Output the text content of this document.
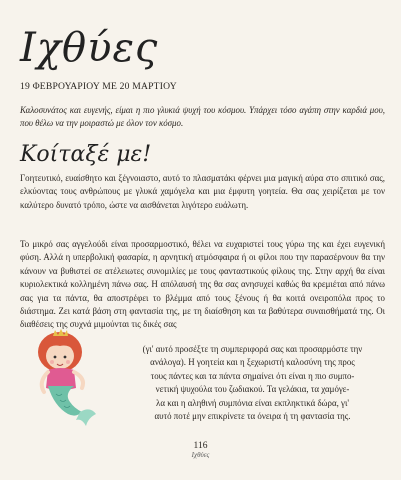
Ιχθύες

19 ΦΕΒΡΟΥΑΡΙΟΥ ΜΕ 20 ΜΑΡΤΙΟΥ

Καλοσυνάτος και ευγενής, είμαι η πιο γλυκιά ψυχή του κόσμου. Υπάρχει τόσο αγάπη στην καρδιά μου, που θέλω να την μοιραστώ με όλον τον κόσμο.

Κοίταξέ με!

Γοητευτικό, ευαίσθητο και ξέγνοιαστο, αυτό το πλασματάκι φέρνει μια μαγική αύρα στο σπιτικό σας, ελκύοντας τους ανθρώπους με γλυκά χαμόγελα και μια έμφυτη γοητεία. Θα σας χειρίζεται με τον καλύτερο δυνατό τρόπο, ώστε να αισθάνεται λιγότερο ευάλωτη.

Το μικρό σας αγγελούδι είναι προσαρμοστικό, θέλει να ευχαριστεί τους γύρω της και έχει ευγενική φύση. Αλλά η υπερβολική φασαρία, η αρνητική ατμόσφαιρα ή οι φίλοι που την παρασέρνουν θα την κάνουν να βυθιστεί σε ατέλειωτες συνομιλίες με τους φανταστικούς φίλους της. Στην αρχή θα είναι κυριολεκτικά κολλημένη πάνω σας. Η απόλαυσή της θα σας ανησυχεί καθώς θα κρεμιέται από πάνω σας για τα πάντα, θα αποστρέφει το βλέμμα από τους ξένους ή θα κοιτά ονειροπόλα προς το διάστημα. Ζει κατά βάση στη φαντασία της, με τη διαίσθηση και τα βαθύτερα συναισθήματά της. Οι διαθέσεις της συχνά μιμούνται τις δικές σας

(γι' αυτό προσέξτε τη συμπεριφορά σας και προσαρμόστε την
ανάλογα). Η γοητεία και η ξεχωριστή καλοσύνη της προς
τους πάντες και τα πάντα σημαίνει ότι είναι η πιο συμπο-
νετική ψυχούλα του ζωδιακού. Τα γελάκια, τα χαμόγε-
λα και η αληθινή συμπόνια είναι εκπληκτικά δώρα, γι'
αυτό ποτέ μην επικρίνετε τα όνειρα ή τη φαντασία της.
116
Ιχθύες
